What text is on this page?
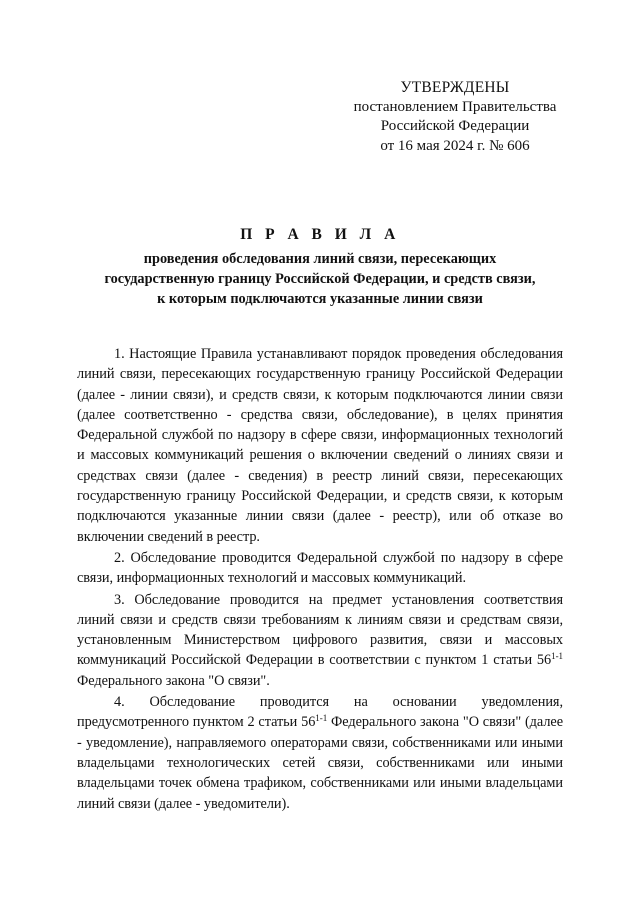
УТВЕРЖДЕНЫ
постановлением Правительства
Российской Федерации
от 16 мая 2024 г. № 606
П Р А В И Л А
проведения обследования линий связи, пересекающих
государственную границу Российской Федерации, и средств связи,
к которым подключаются указанные линии связи

1. Настоящие Правила устанавливают порядок проведения обследования линий связи, пересекающих государственную границу Российской Федерации (далее - линии связи), и средств связи, к которым подключаются линии связи (далее соответственно - средства связи, обследование), в целях принятия Федеральной службой по надзору в сфере связи, информационных технологий и массовых коммуникаций решения о включении сведений о линиях связи и средствах связи (далее - сведения) в реестр линий связи, пересекающих государственную границу Российской Федерации, и средств связи, к которым подключаются указанные линии связи (далее - реестр), или об отказе во включении сведений в реестр.

2. Обследование проводится Федеральной службой по надзору в сфере связи, информационных технологий и массовых коммуникаций.

3. Обследование проводится на предмет установления соответствия линий связи и средств связи требованиям к линиям связи и средствам связи, установленным Министерством цифрового развития, связи и массовых коммуникаций Российской Федерации в соответствии с пунктом 1 статьи 56$^{1-1}$ Федерального закона "О связи".

4. Обследование проводится на основании уведомления, предусмотренного пунктом 2 статьи 56$^{1-1}$ Федерального закона "О связи" (далее - уведомление), направляемого операторами связи, собственниками или иными владельцами технологических сетей связи, собственниками или иными владельцами точек обмена трафиком, собственниками или иными владельцами линий связи (далее - уведомители).
